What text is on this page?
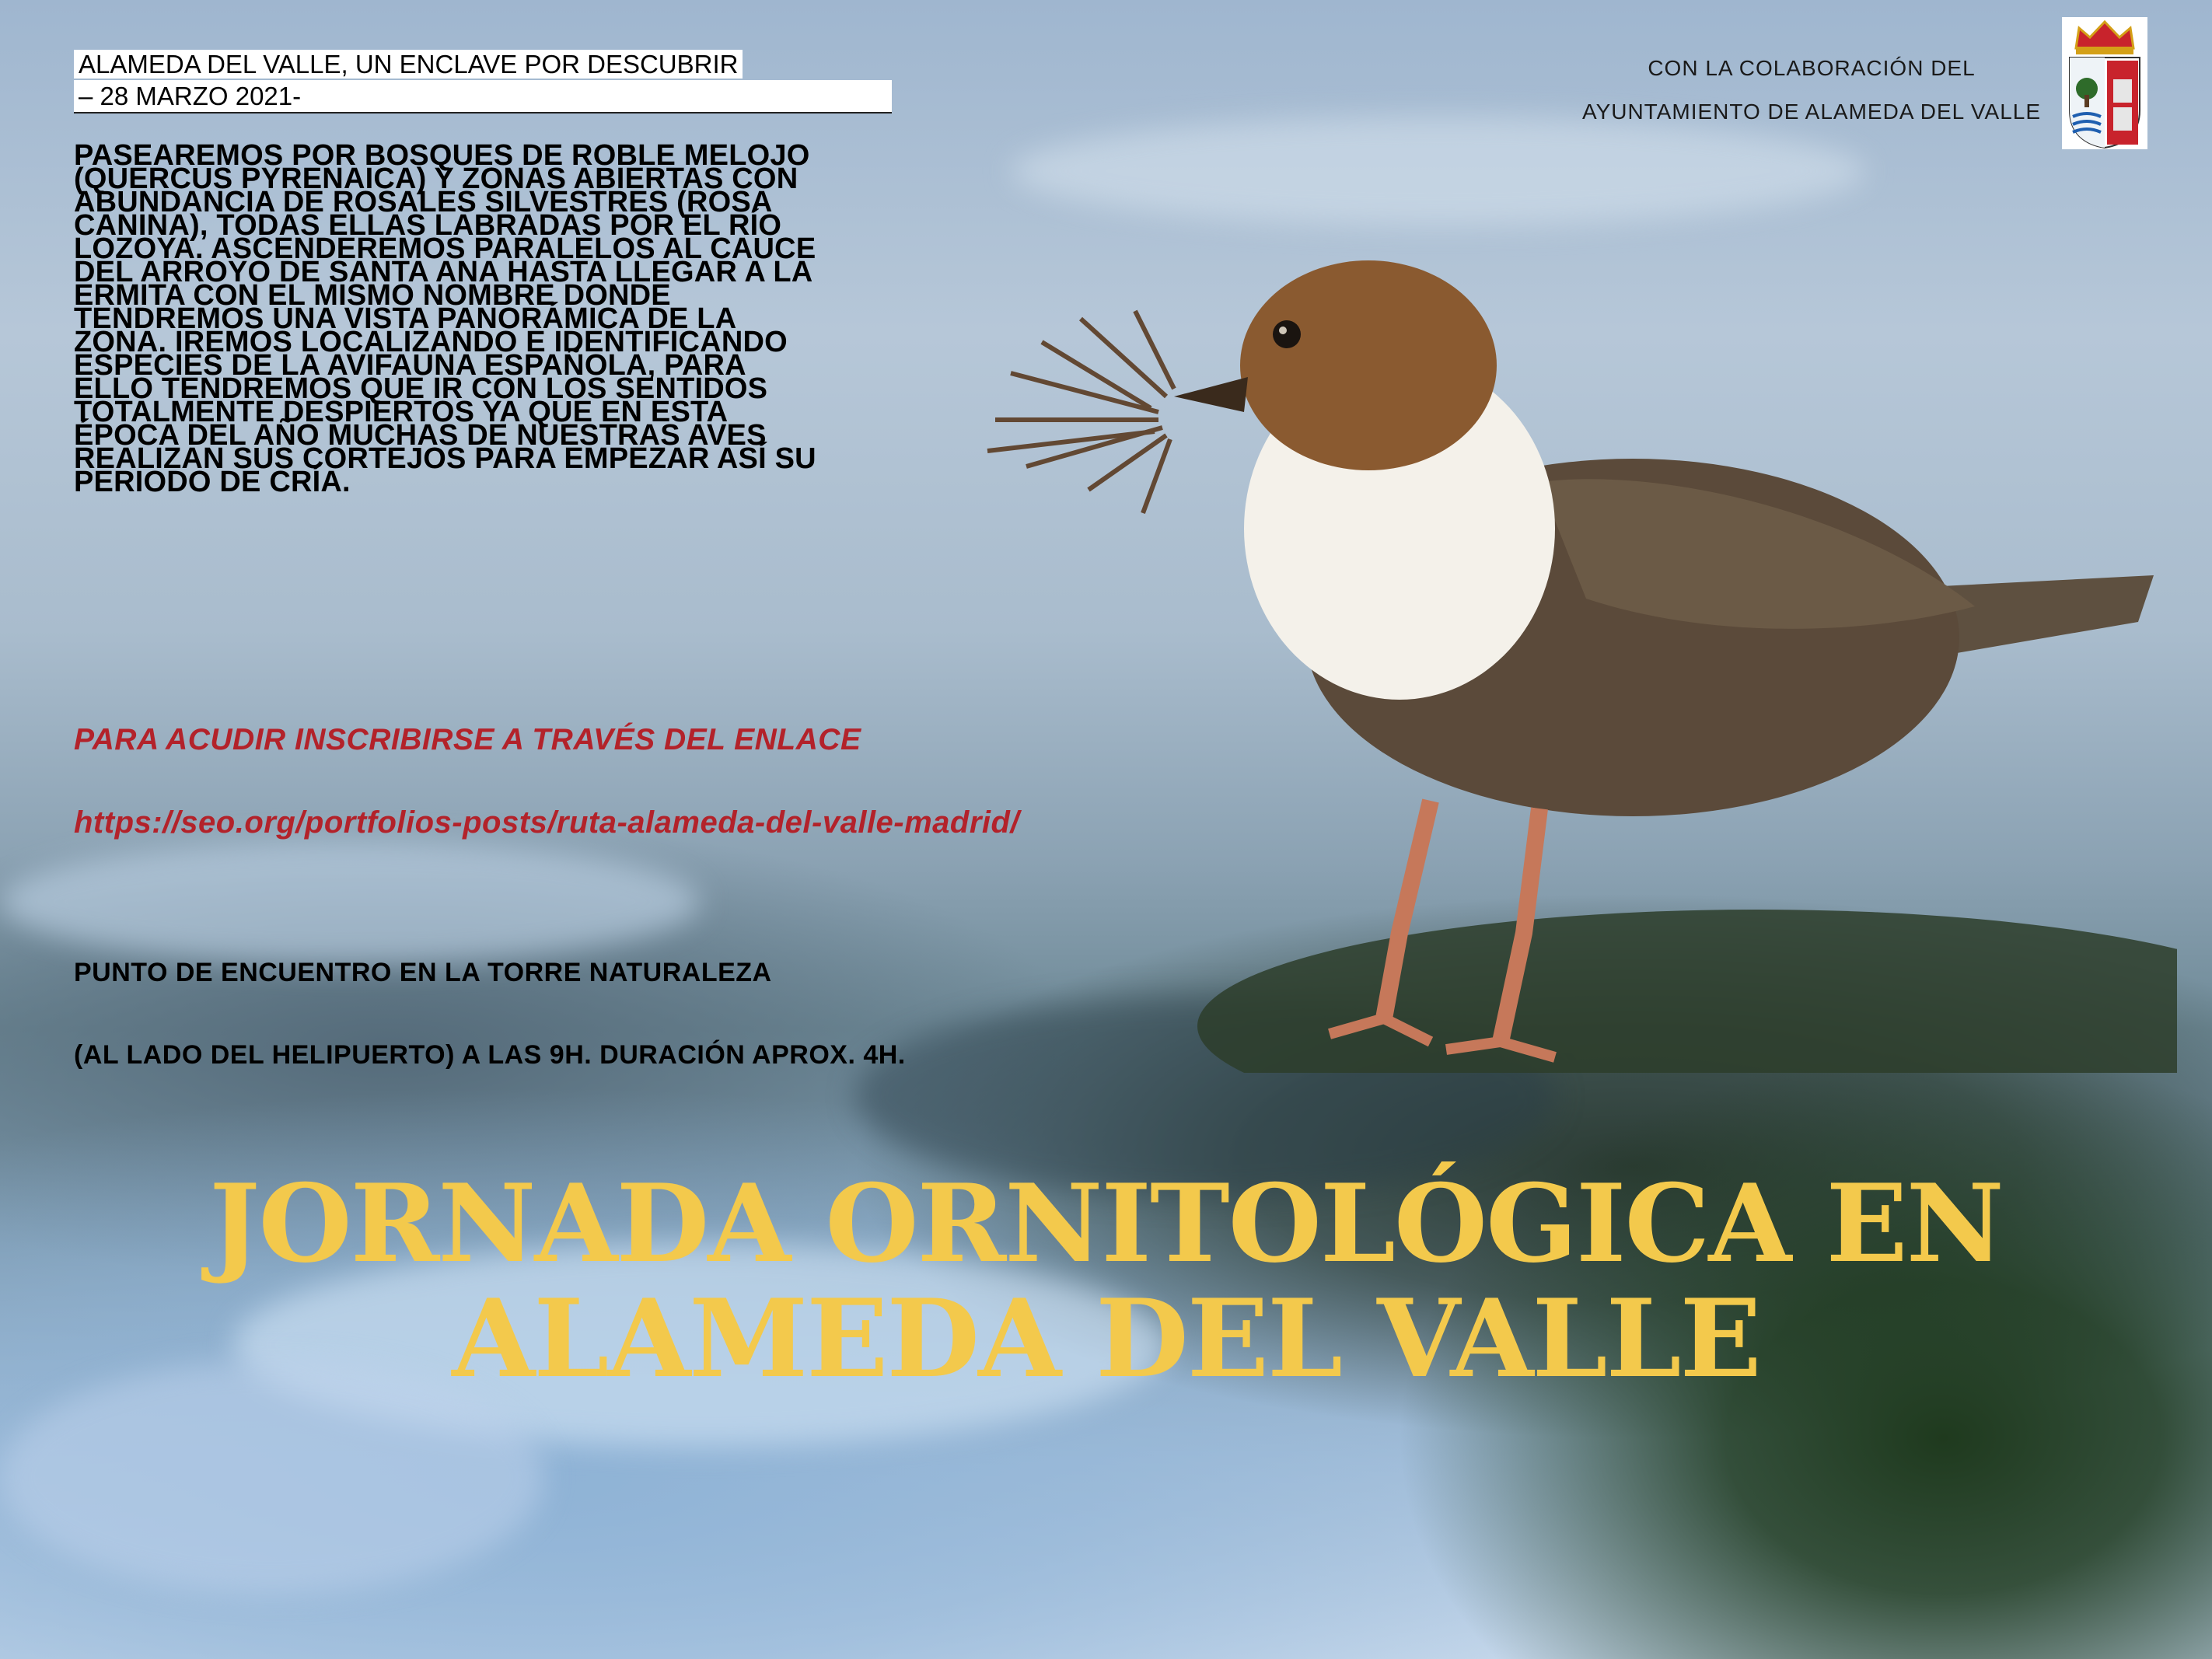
ALAMEDA DEL VALLE, UN ENCLAVE POR DESCUBRIR
– 28 MARZO 2021-
PASEAREMOS POR BOSQUES DE ROBLE MELOJO
(QUERCUS PYRENAICA) Y ZONAS ABIERTAS CON
ABUNDANCIA DE ROSALES SILVESTRES (ROSA
CANINA), TODAS ELLAS LABRADAS POR EL RÍO
LOZOYA. ASCENDEREMOS PARALELOS AL CAUCE
DEL ARROYO DE SANTA ANA HASTA LLEGAR A LA
ERMITA CON EL MISMO NOMBRE DONDE
TENDREMOS UNA VISTA PANORÁMICA DE LA
ZONA. IREMOS LOCALIZANDO E IDENTIFICANDO
ESPECIES DE LA AVIFAUNA ESPAÑOLA, PARA
ELLO TENDREMOS QUE IR CON LOS SENTIDOS
TOTALMENTE DESPIERTOS YA QUE EN ESTA
ÉPOCA DEL AÑO MUCHAS DE NUESTRAS AVES
REALIZAN SUS CORTEJOS PARA EMPEZAR ASÍ SU
PERIODO DE CRÍA.
PARA ACUDIR INSCRIBIRSE A TRAVÉS DEL ENLACE
https://seo.org/portfolios-posts/ruta-alameda-del-valle-madrid/
PUNTO DE ENCUENTRO EN LA TORRE NATURALEZA
(AL LADO DEL HELIPUERTO) A LAS 9H. DURACIÓN APROX. 4H.
JORNADA ORNITOLÓGICA EN
ALAMEDA DEL VALLE
CON LA COLABORACIÓN DEL
AYUNTAMIENTO DE ALAMEDA DEL VALLE
